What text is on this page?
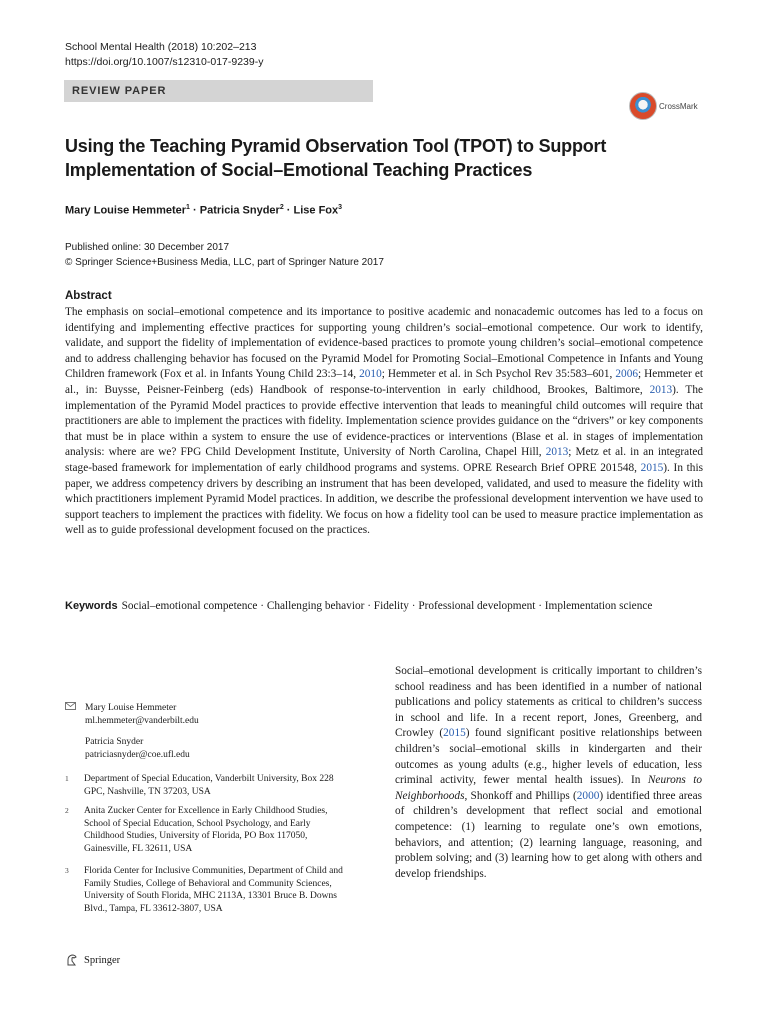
School Mental Health (2018) 10:202–213
https://doi.org/10.1007/s12310-017-9239-y
REVIEW PAPER
CrossMark
Using the Teaching Pyramid Observation Tool (TPOT) to Support Implementation of Social–Emotional Teaching Practices
Mary Louise Hemmeter$^1$ · Patricia Snyder$^2$ · Lise Fox$^3$
Published online: 30 December 2017
© Springer Science+Business Media, LLC, part of Springer Nature 2017
Abstract

The emphasis on social–emotional competence and its importance to positive academic and nonacademic outcomes has led to a focus on identifying and implementing effective practices for supporting young children’s social–emotional competence. Our work to identify, validate, and support the fidelity of implementation of evidence-based practices to promote young children’s social–emotional competence and to address challenging behavior has focused on the Pyramid Model for Promoting Social–Emotional Competence in Infants and Young Children framework (Fox et al. in Infants Young Child 23:3–14, 2010; Hemmeter et al. in Sch Psychol Rev 35:583–601, 2006; Hemmeter et al., in: Buysse, Peisner-Feinberg (eds) Handbook of response-to-intervention in early childhood, Brookes, Baltimore, 2013). The implementation of the Pyramid Model practices to provide effective intervention that leads to meaningful child outcomes will require that practitioners are able to implement the practices with fidelity. Implementation science provides guidance on the “drivers” or key components that must be in place within a system to ensure the use of evidence-practices or interventions (Blase et al. in stages of implementation analysis: where are we? FPG Child Development Institute, University of North Carolina, Chapel Hill, 2013; Metz et al. in an integrated stage-based framework for implementation of early childhood programs and systems. OPRE Research Brief OPRE 201548, 2015). In this paper, we address competency drivers by describing an instrument that has been developed, validated, and used to measure the fidelity with which practitioners implement Pyramid Model practices. In addition, we describe the professional development intervention we have used to support teachers to implement the practices with fidelity. We focus on how a fidelity tool can be used to measure practice implementation as well as to guide professional development focused on the practices.

Keywords Social–emotional competence · Challenging behavior · Fidelity · Professional development · Implementation science
Mary Louise Hemmeter
ml.hemmeter@vanderbilt.edu
Patricia Snyder
patriciasnyder@coe.ufl.edu
1	Department of Special Education, Vanderbilt University, Box 228 GPC, Nashville, TN 37203, USA
2	Anita Zucker Center for Excellence in Early Childhood Studies, School of Special Education, School Psychology, and Early Childhood Studies, University of Florida, PO Box 117050, Gainesville, FL 32611, USA
3	Florida Center for Inclusive Communities, Department of Child and Family Studies, College of Behavioral and Community Sciences, University of South Florida, MHC 2113A, 13301 Bruce B. Downs Blvd., Tampa, FL 33612-3807, USA
Springer

Social–emotional development is critically important to children’s school readiness and has been identified in a number of national publications and policy statements as critical to children’s success in school and life. In a recent report, Jones, Greenberg, and Crowley (2015) found significant positive relationships between children’s social–emotional skills in kindergarten and their outcomes as young adults (e.g., higher levels of education, less criminal activity, fewer mental health issues). In Neurons to Neighborhoods, Shonkoff and Phillips (2000) identified three areas of children’s development that reflect social and emotional competence: (1) learning to regulate one’s own emotions, behaviors, and attention; (2) learning language, reasoning, and problem solving; and (3) learning how to get along with others and develop friendships.
